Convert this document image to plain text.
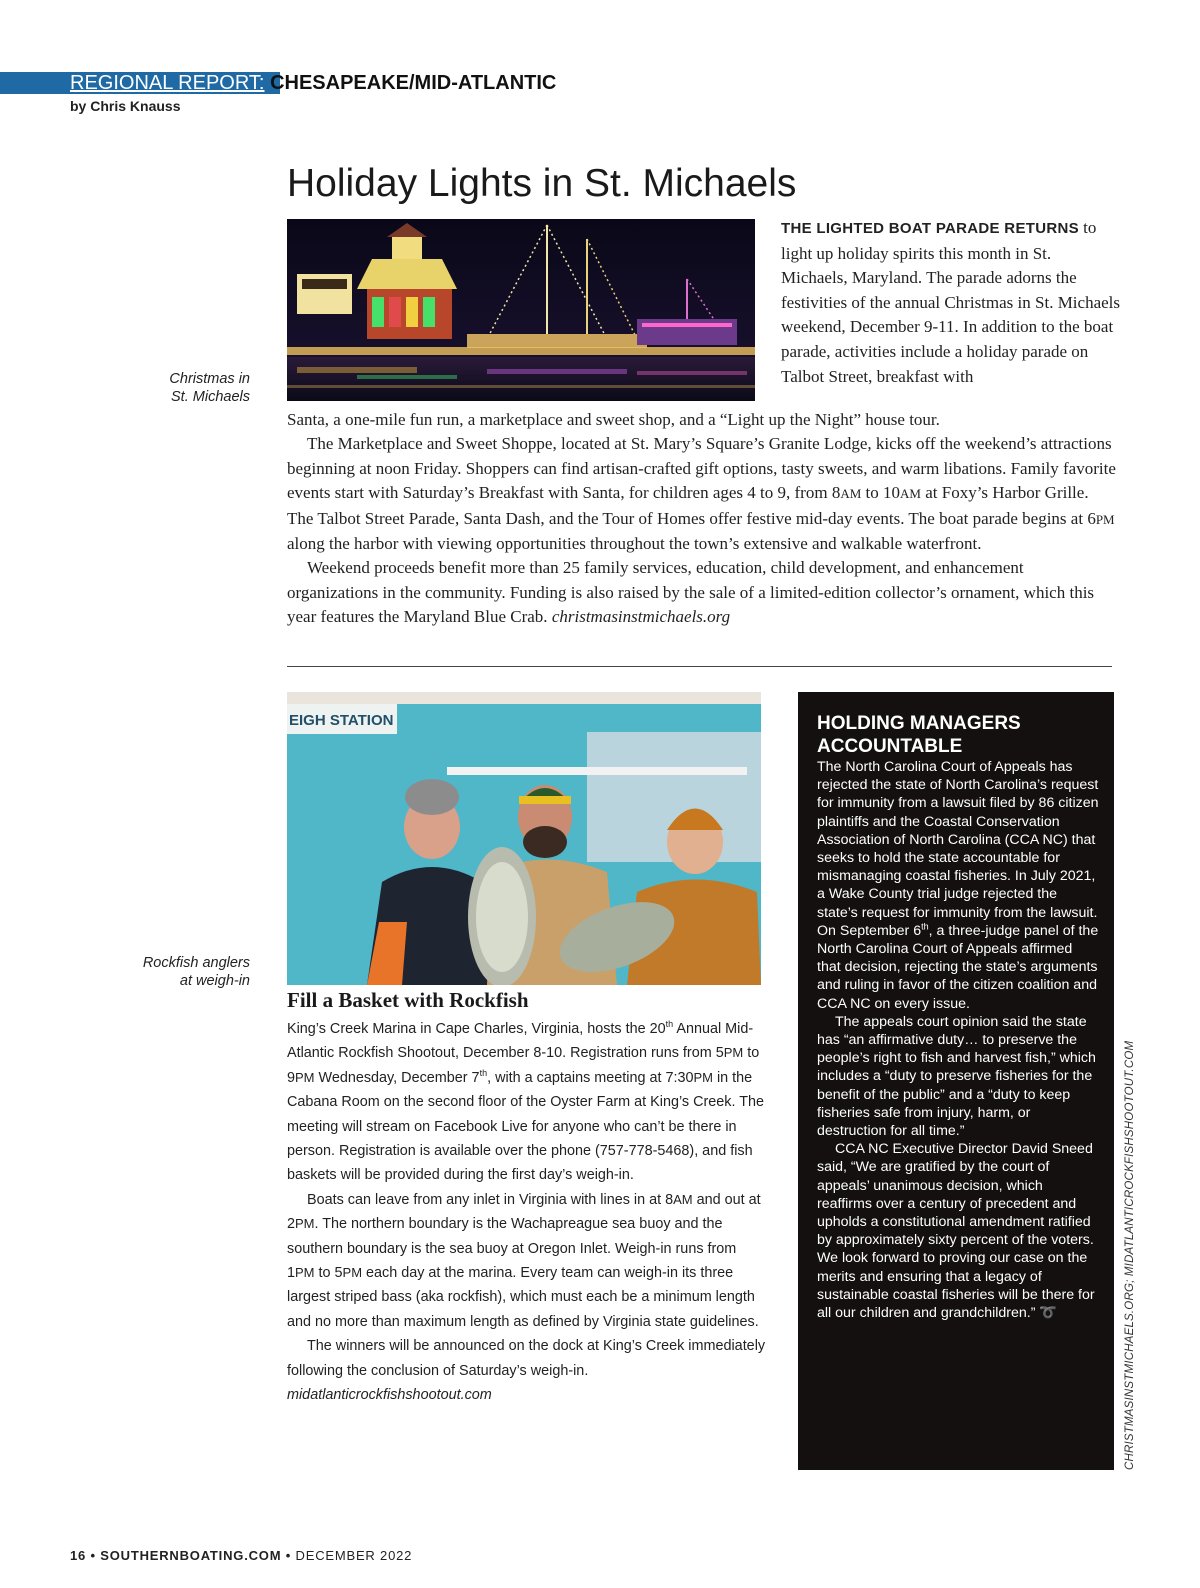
REGIONAL REPORT: CHESAPEAKE/MID-ATLANTIC
by Chris Knauss
Holiday Lights in St. Michaels
Christmas in
St. Michaels
THE LIGHTED BOAT PARADE RETURNS to light up holiday spirits this month in St. Michaels, Maryland. The parade adorns the festivities of the annual Christmas in St. Michaels weekend, December 9-11. In addition to the boat parade, activities include a holiday parade on Talbot Street, breakfast with

Santa, a one-mile fun run, a marketplace and sweet shop, and a “Light up the Night” house tour.

The Marketplace and Sweet Shoppe, located at St. Mary’s Square’s Granite Lodge, kicks off the weekend’s attractions beginning at noon Friday. Shoppers can find artisan-crafted gift options, tasty sweets, and warm libations. Family favorite events start with Saturday’s Breakfast with Santa, for children ages 4 to 9, from 8AM to 10AM at Foxy’s Harbor Grille. The Talbot Street Parade, Santa Dash, and the Tour of Homes offer festive mid-day events. The boat parade begins at 6PM along the harbor with viewing opportunities throughout the town’s extensive and walkable waterfront.

Weekend proceeds benefit more than 25 family services, education, child development, and enhancement organizations in the community. Funding is also raised by the sale of a limited-edition collector’s ornament, which this year features the Maryland Blue Crab. christmasinstmichaels.org

EIGH STATION
Rockfish anglers
at weigh-in
Fill a Basket with Rockfish

King’s Creek Marina in Cape Charles, Virginia, hosts the 20th Annual Mid-Atlantic Rockfish Shootout, December 8-10. Registration runs from 5PM to 9PM Wednesday, December 7th, with a captains meeting at 7:30PM in the Cabana Room on the second floor of the Oyster Farm at King’s Creek. The meeting will stream on Facebook Live for anyone who can’t be there in person. Registration is available over the phone (757-778-5468), and fish baskets will be provided during the first day’s weigh-in.

Boats can leave from any inlet in Virginia with lines in at 8AM and out at 2PM. The northern boundary is the Wachapreague sea buoy and the southern boundary is the sea buoy at Oregon Inlet. Weigh-in runs from 1PM to 5PM each day at the marina. Every team can weigh-in its three largest striped bass (aka rockfish), which must each be a minimum length and no more than maximum length as defined by Virginia state guidelines.

The winners will be announced on the dock at King’s Creek immediately following the conclusion of Saturday’s weigh-in.
midatlanticrockfishshootout.com

HOLDING MANAGERS ACCOUNTABLE

The North Carolina Court of Appeals has rejected the state of North Carolina’s request for immunity from a lawsuit filed by 86 citizen plaintiffs and the Coastal Conservation Association of North Carolina (CCA NC) that seeks to hold the state accountable for mismanaging coastal fisheries. In July 2021, a Wake County trial judge rejected the state’s request for immunity from the lawsuit. On September 6th, a three-judge panel of the North Carolina Court of Appeals affirmed that decision, rejecting the state’s arguments and ruling in favor of the citizen coalition and CCA NC on every issue.

The appeals court opinion said the state has “an affirmative duty… to preserve the people’s right to fish and harvest fish,” which includes a “duty to preserve fisheries for the benefit of the public” and a “duty to keep fisheries safe from injury, harm, or destruction for all time.”

CCA NC Executive Director David Sneed said, “We are gratified by the court of appeals’ unanimous decision, which reaffirms over a century of precedent and upholds a constitutional amendment ratified by approximately sixty percent of the voters. We look forward to proving our case on the merits and ensuring that a legacy of sustainable coastal fisheries will be there for all our children and grandchildren.” ➰	CHRISTMASINSTMICHAELS.ORG; MIDATLANTICROCKFISHSHOOTOUT.COM
16 • SOUTHERNBOATING.COM • DECEMBER 2022
